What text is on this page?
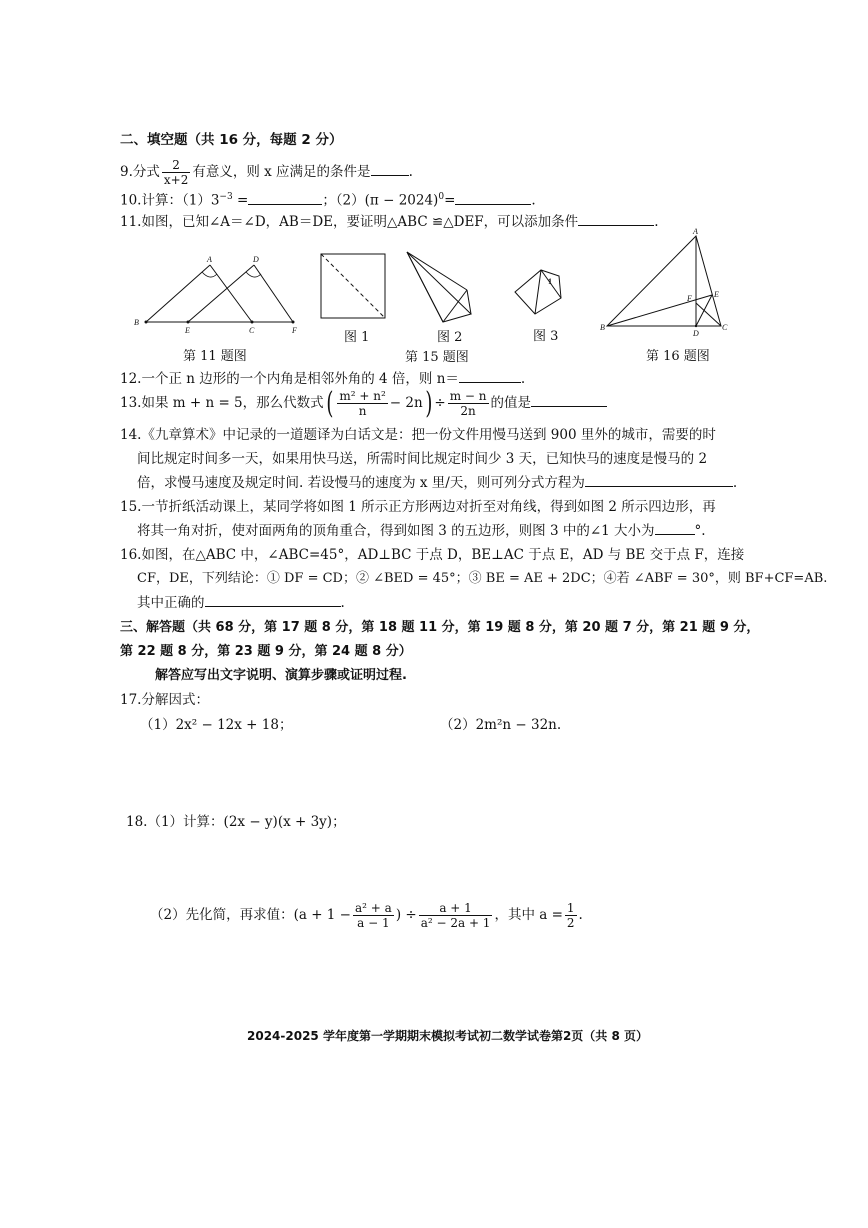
二、填空题（共 16 分，每题 2 分）
9.分式 $\frac{2}{x+2}$ 有意义，则 x 应满足的条件是	.
10.计算：$(1)3^{-3}$ =	；$(2)(\pi - 2024)^0=$	.
11.如图，已知∠A＝∠D，AB＝DE，要证明△ABC ≌△DEF，可以添加条件	.
A	D
B
E	C	F
第 11 题图
1
图 1	图 2	图 3
第 15 题图
A
F	E
B
D
C
第 16 题图
12.一个正 n 边形的一个内角是相邻外角的 4 倍，则 n＝	.
13.如果 m + n = 5，那么代数式( $\frac{\text{m² + n²}}{n} - 2n) \div \frac{m - n}{2n}$ 的值是
14.《九章算术》中记录的一道题译为白话文是：把一份文件用慢马送到 900 里外的城市，需要的时
间比规定时间多一天，如果用快马送，所需时间比规定时间少 3 天，已知快马的速度是慢马的 2
倍，求慢马速度及规定时间. 若设慢马的速度为 x 里/天，则可列分式方程为	.
15.一节折纸活动课上，某同学将如图 1 所示正方形两边对折至对角线，得到如图 2 所示四边形，再
将其一角对折，使对面两角的顶角重合，得到如图 3 的五边形，则图 3 中的∠1 大小为	°.
16.如图，在△ABC 中，∠ABC=45°，AD⊥BC 于点 D，BE⊥AC 于点 E，AD 与 BE 交于点 F，连接
CF，DE，下列结论：① DF = CD；② ∠BED = 45°；③ BE = AE + 2DC；④若 ∠ABF = 30°，则 BF+CF=AB.
其中正确的	.
三、解答题（共 68 分，第 17 题 8 分，第 18 题 11 分，第 19 题 8 分，第 20 题 7 分，第 21 题 9 分，
第 22 题 8 分，第 23 题 9 分，第 24 题 8 分）
解答应写出文字说明、演算步骤或证明过程.
17.分解因式：
（1）2x² − 12x + 18；	（2）2m²n − 32n.
18.（1）计算：(2x − y)(x + 3y)；
（2）先化简，再求值：($a + 1 - \frac{\text{a² + a}}{a - 1}$ ) ÷ $\frac{a + 1}{\text{a² − 2a + 1}}$ ，其中 $a = \frac{1}{2}$ .
2024-2025 学年度第一学期期末模拟考试初二数学试卷第2页（共 8 页）
